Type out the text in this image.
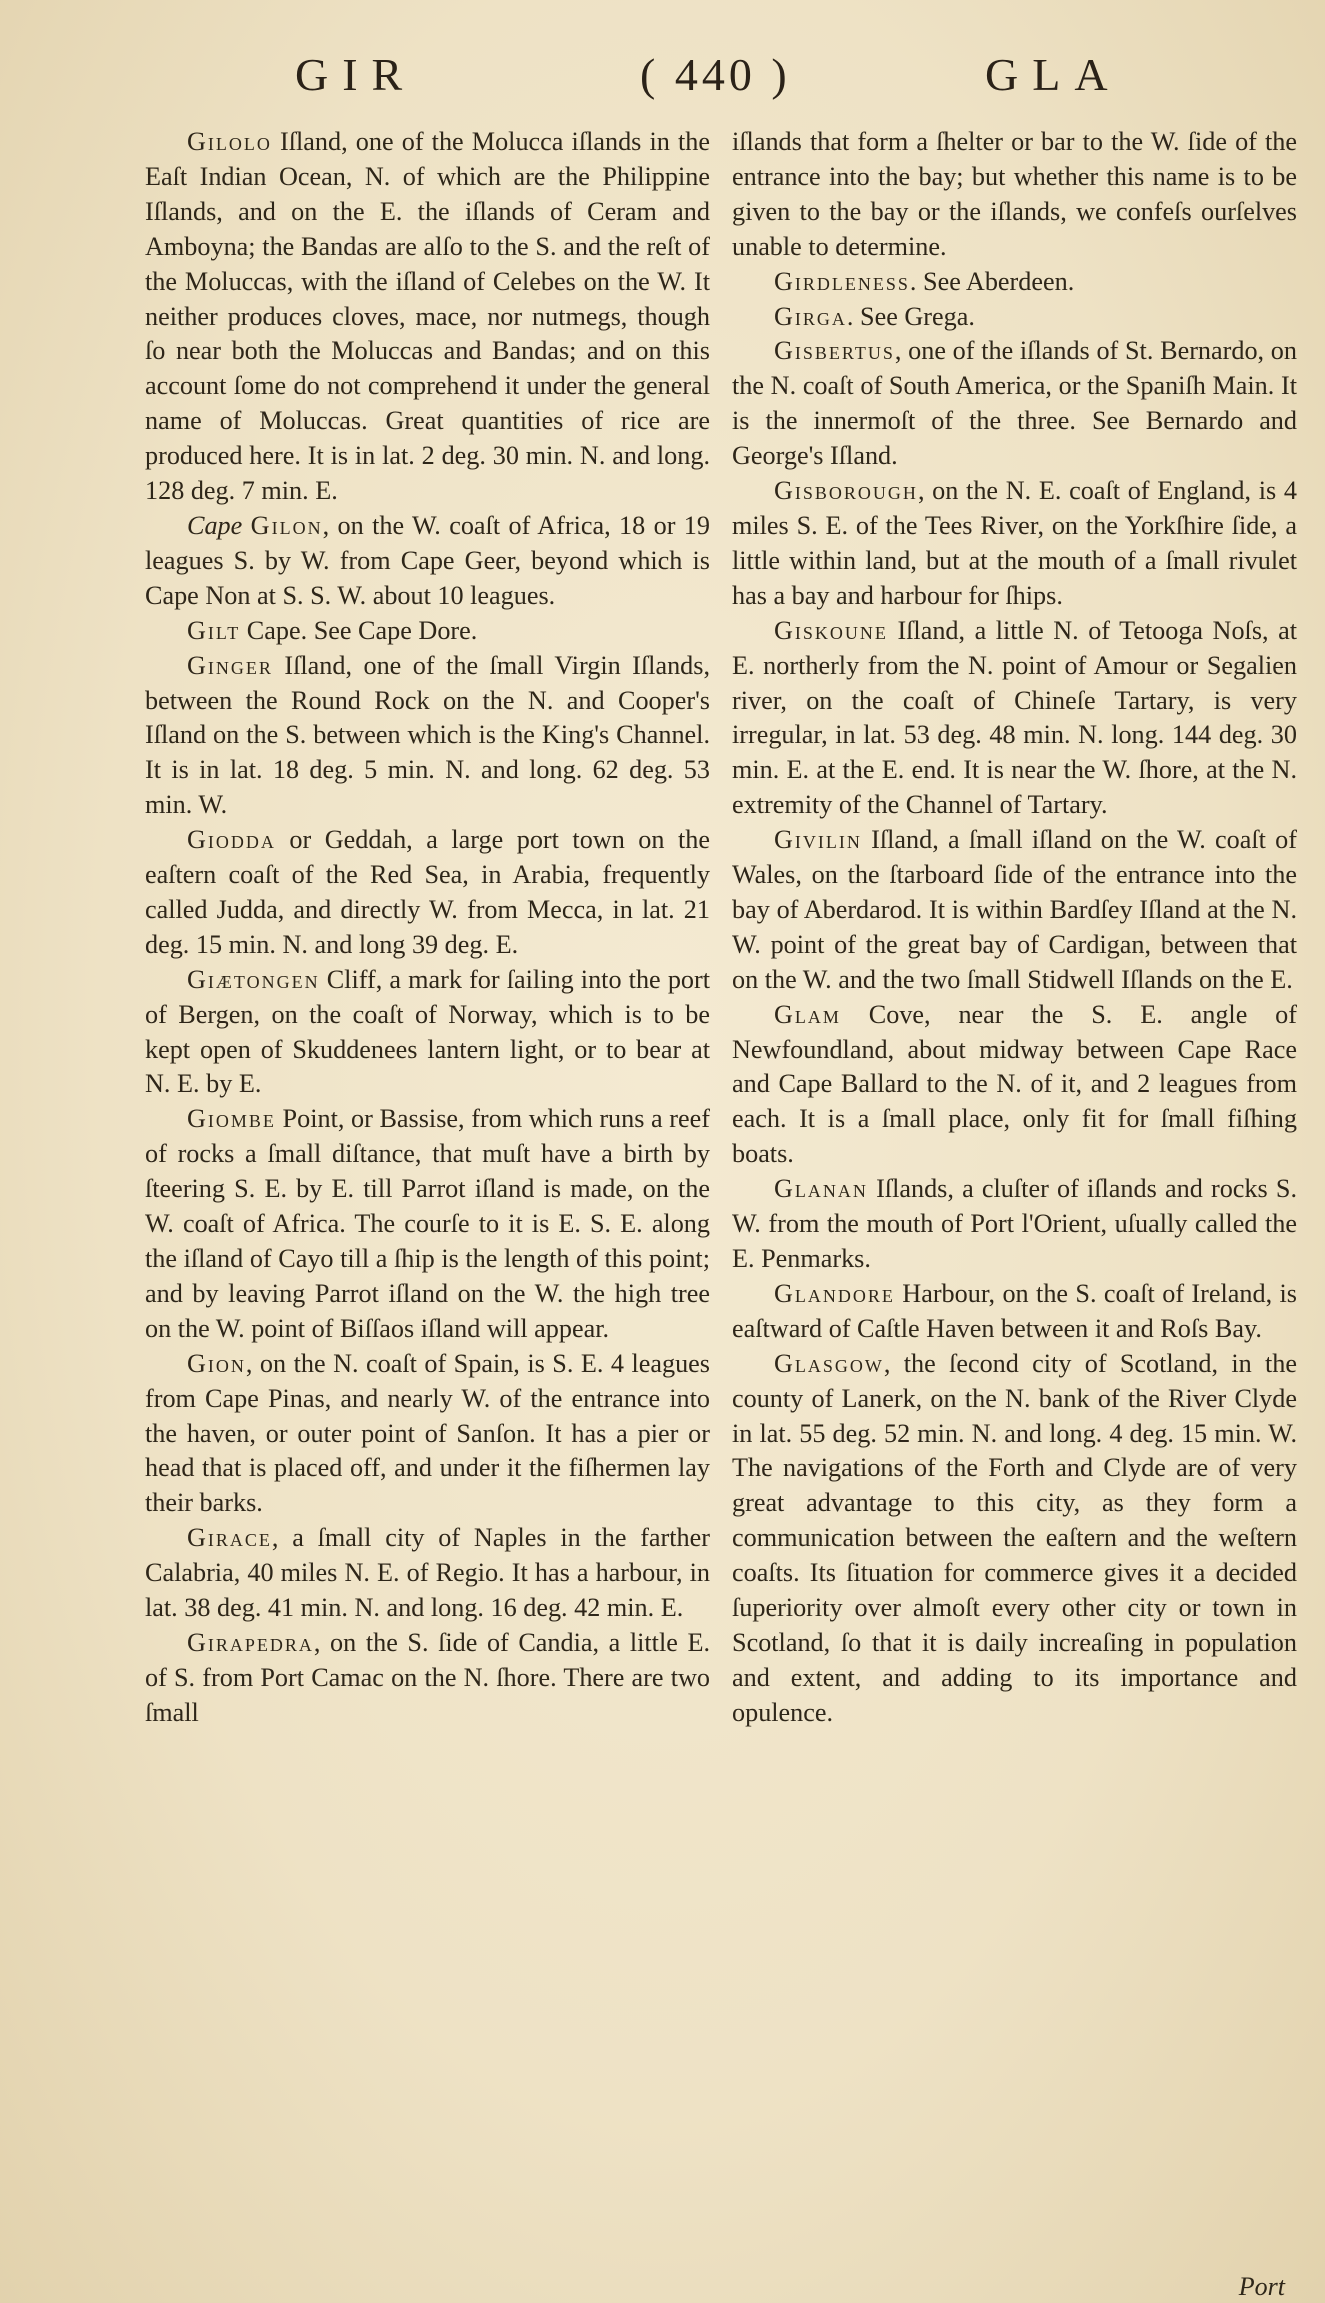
GIR	( 440 )	GLA

Gilolo Iſland, one of the Molucca iſlands in the Eaſt Indian Ocean, N. of which are the Philippine Iſlands, and on the E. the iſlands of Ceram and Amboyna; the Bandas are alſo to the S. and the reſt of the Moluccas, with the iſland of Celebes on the W. It neither produces cloves, mace, nor nutmegs, though ſo near both the Moluccas and Bandas; and on this account ſome do not comprehend it under the general name of Moluccas. Great quantities of rice are produced here. It is in lat. 2 deg. 30 min. N. and long. 128 deg. 7 min. E.

Cape Gilon, on the W. coaſt of Africa, 18 or 19 leagues S. by W. from Cape Geer, beyond which is Cape Non at S. S. W. about 10 leagues.

Gilt Cape. See Cape Dore.

Ginger Iſland, one of the ſmall Virgin Iſlands, between the Round Rock on the N. and Cooper's Iſland on the S. between which is the King's Channel. It is in lat. 18 deg. 5 min. N. and long. 62 deg. 53 min. W.

Giodda or Geddah, a large port town on the eaſtern coaſt of the Red Sea, in Arabia, frequently called Judda, and directly W. from Mecca, in lat. 21 deg. 15 min. N. and long 39 deg. E.

Giætongen Cliff, a mark for ſailing into the port of Bergen, on the coaſt of Norway, which is to be kept open of Skuddenees lantern light, or to bear at N. E. by E.

Giombe Point, or Bassise, from which runs a reef of rocks a ſmall diſtance, that muſt have a birth by ſteering S. E. by E. till Parrot iſland is made, on the W. coaſt of Africa. The courſe to it is E. S. E. along the iſland of Cayo till a ſhip is the length of this point; and by leaving Parrot iſland on the W. the high tree on the W. point of Biſſaos iſland will appear.

Gion, on the N. coaſt of Spain, is S. E. 4 leagues from Cape Pinas, and nearly W. of the entrance into the haven, or outer point of Sanſon. It has a pier or head that is placed off, and under it the fiſhermen lay their barks.

Girace, a ſmall city of Naples in the farther Calabria, 40 miles N. E. of Regio. It has a harbour, in lat. 38 deg. 41 min. N. and long. 16 deg. 42 min. E.

Girapedra, on the S. ſide of Candia, a little E. of S. from Port Camac on the N. ſhore. There are two ſmall

iſlands that form a ſhelter or bar to the W. ſide of the entrance into the bay; but whether this name is to be given to the bay or the iſlands, we confeſs ourſelves unable to determine.

Girdleness. See Aberdeen.

Girga. See Grega.

Gisbertus, one of the iſlands of St. Bernardo, on the N. coaſt of South America, or the Spaniſh Main. It is the innermoſt of the three. See Bernardo and George's Iſland.

Gisborough, on the N. E. coaſt of England, is 4 miles S. E. of the Tees River, on the Yorkſhire ſide, a little within land, but at the mouth of a ſmall rivulet has a bay and harbour for ſhips.

Giskoune Iſland, a little N. of Tetooga Noſs, at E. northerly from the N. point of Amour or Segalien river, on the coaſt of Chineſe Tartary, is very irregular, in lat. 53 deg. 48 min. N. long. 144 deg. 30 min. E. at the E. end. It is near the W. ſhore, at the N. extremity of the Channel of Tartary.

Givilin Iſland, a ſmall iſland on the W. coaſt of Wales, on the ſtarboard ſide of the entrance into the bay of Aberdarod. It is within Bardſey Iſland at the N. W. point of the great bay of Cardigan, between that on the W. and the two ſmall Stidwell Iſlands on the E.

Glam Cove, near the S. E. angle of Newfoundland, about midway between Cape Race and Cape Ballard to the N. of it, and 2 leagues from each. It is a ſmall place, only fit for ſmall fiſhing boats.

Glanan Iſlands, a cluſter of iſlands and rocks S. W. from the mouth of Port l'Orient, uſually called the E. Penmarks.

Glandore Harbour, on the S. coaſt of Ireland, is eaſtward of Caſtle Haven between it and Roſs Bay.

Glasgow, the ſecond city of Scotland, in the county of Lanerk, on the N. bank of the River Clyde in lat. 55 deg. 52 min. N. and long. 4 deg. 15 min. W. The navigations of the Forth and Clyde are of very great advantage to this city, as they form a communication between the eaſtern and the weſtern coaſts. Its ſituation for commerce gives it a decided ſuperiority over almoſt every other city or town in Scotland, ſo that it is daily increaſing in population and extent, and adding to its importance and opulence.

Port
